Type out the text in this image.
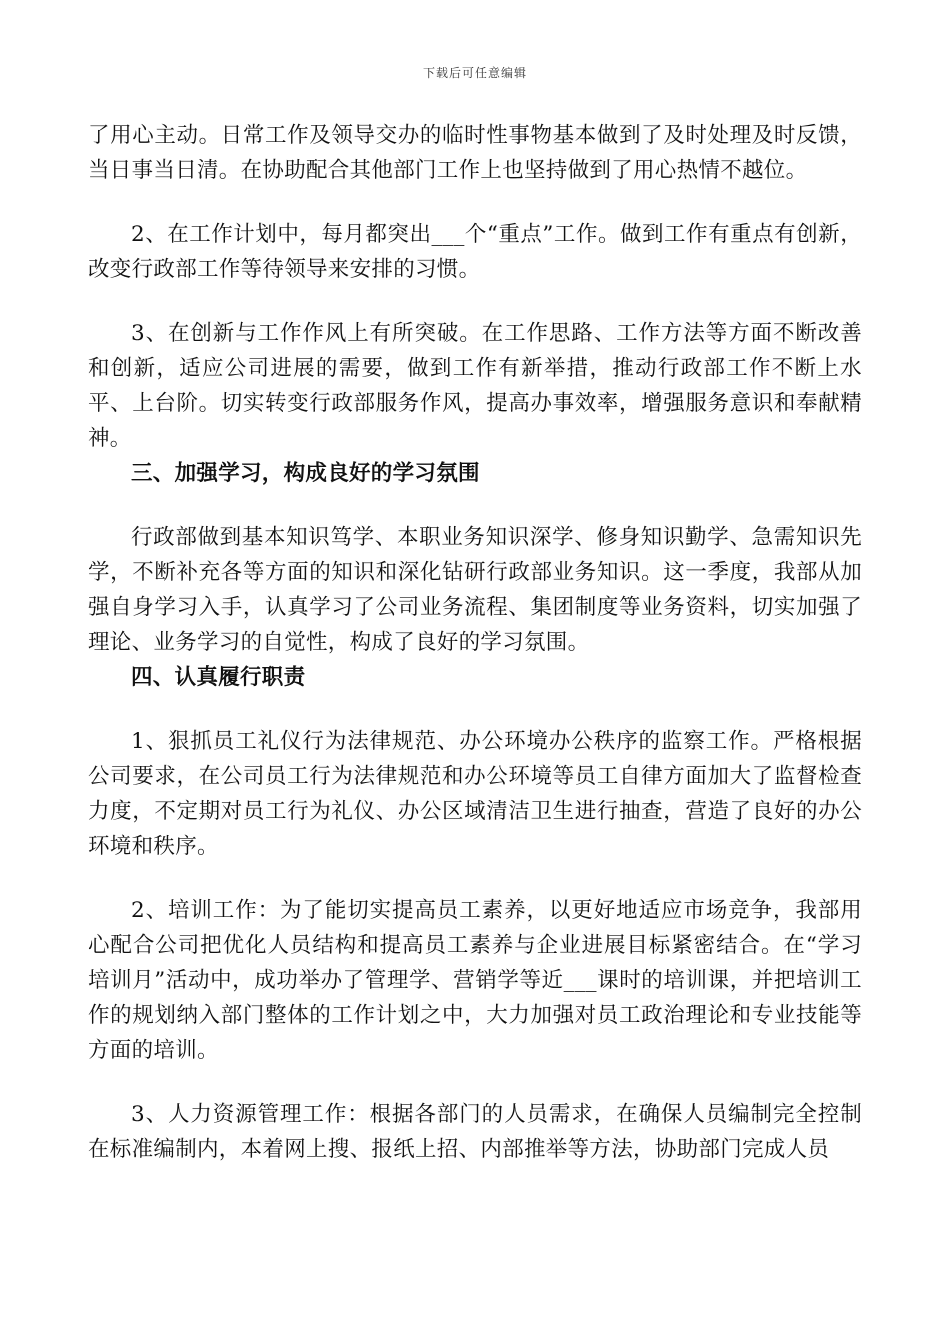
下载后可任意编辑

了用心主动。日常工作及领导交办的临时性事物基本做到了及时处理及时反馈，当日事当日清。在协助配合其他部门工作上也坚持做到了用心热情不越位。

2、在工作计划中，每月都突出___个“重点”工作。做到工作有重点有创新，改变行政部工作等待领导来安排的习惯。

3、在创新与工作作风上有所突破。在工作思路、工作方法等方面不断改善和创新，适应公司进展的需要，做到工作有新举措，推动行政部工作不断上水平、上台阶。切实转变行政部服务作风，提高办事效率，增强服务意识和奉献精神。

三、加强学习，构成良好的学习氛围

行政部做到基本知识笃学、本职业务知识深学、修身知识勤学、急需知识先学，不断补充各等方面的知识和深化钻研行政部业务知识。这一季度，我部从加强自身学习入手，认真学习了公司业务流程、集团制度等业务资料，切实加强了理论、业务学习的自觉性，构成了良好的学习氛围。

四、认真履行职责

1、狠抓员工礼仪行为法律规范、办公环境办公秩序的监察工作。严格根据公司要求，在公司员工行为法律规范和办公环境等员工自律方面加大了监督检查力度，不定期对员工行为礼仪、办公区域清洁卫生进行抽查，营造了良好的办公环境和秩序。

2、培训工作：为了能切实提高员工素养，以更好地适应市场竞争，我部用心配合公司把优化人员结构和提高员工素养与企业进展目标紧密结合。在“学习培训月”活动中，成功举办了管理学、营销学等近___课时的培训课，并把培训工作的规划纳入部门整体的工作计划之中，大力加强对员工政治理论和专业技能等方面的培训。

3、人力资源管理工作：根据各部门的人员需求，在确保人员编制完全控制在标准编制内，本着网上搜、报纸上招、内部推举等方法，协助部门完成人员
